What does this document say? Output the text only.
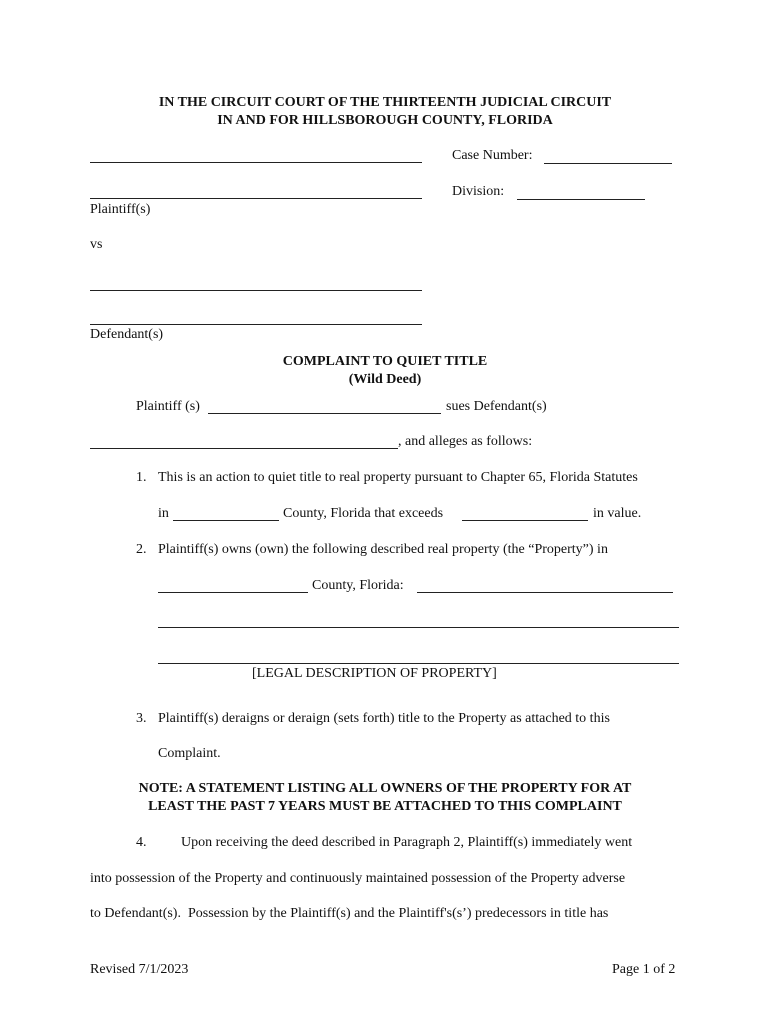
IN THE CIRCUIT COURT OF THE THIRTEENTH JUDICIAL CIRCUIT
IN AND FOR HILLSBOROUGH COUNTY, FLORIDA
Plaintiff(s)
vs
Defendant(s)
Case Number:
Division:
COMPLAINT TO QUIET TITLE
(Wild Deed)
Plaintiff (s)	sues Defendant(s)
, and alleges as follows:
1. This is an action to quiet title to real property pursuant to Chapter 65, Florida Statutes
in	County, Florida that exceeds	in value.
2. Plaintiff(s) owns (own) the following described real property (the “Property”) in
County, Florida:
[LEGAL DESCRIPTION OF PROPERTY]
3. Plaintiff(s) deraigns or deraign (sets forth) title to the Property as attached to this
Complaint.
NOTE: A STATEMENT LISTING ALL OWNERS OF THE PROPERTY FOR AT
LEAST THE PAST 7 YEARS MUST BE ATTACHED TO THIS COMPLAINT
4. Upon receiving the deed described in Paragraph 2, Plaintiff(s) immediately went
into possession of the Property and continuously maintained possession of the Property adverse
to Defendant(s).  Possession by the Plaintiff(s) and the Plaintiff's(s’) predecessors in title has
Revised 7/1/2023	Page 1 of 2
